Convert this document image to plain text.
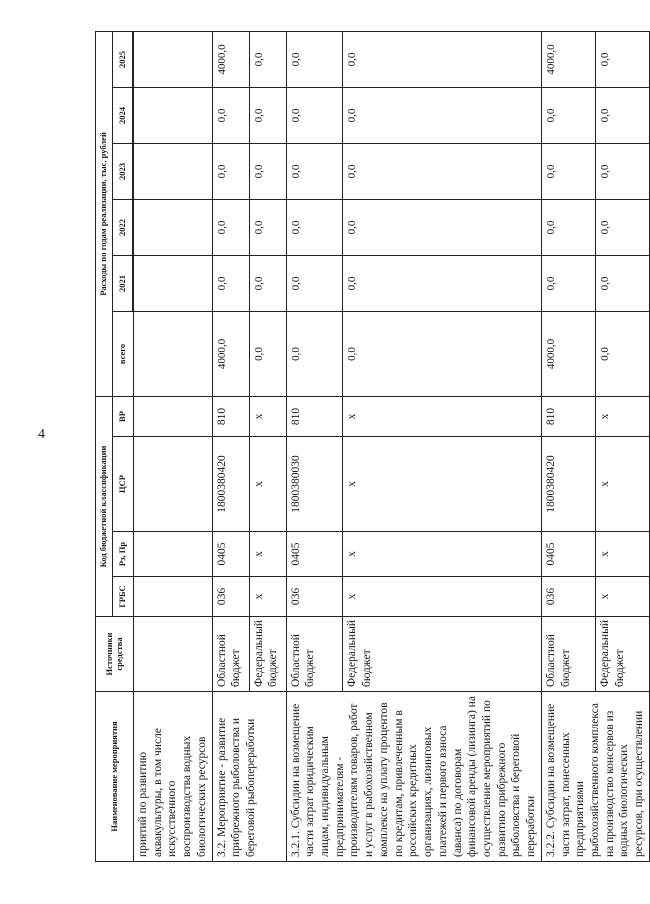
4
Наименование мероприятия	Источники средства	Код бюджетной классификации				Расходы по годам реализации, тыс. рублей					
		ГРБС	Рз, Пр	ЦСР	ВР	всего	2021	2022	2023	2024	2025

приятий по развитию аквакультуры, в том числе искусственного воспроизводства водных биологических ресурсов											
3.2. Мероприятие - развитие прибрежного рыболовства и береговой рыбопереработки	Областной бюджет	036	0405	1800380420	810	4000,0	0,0	0,0	0,0	0,0	4000,0
	Федеральный бюджет	х	х	х	х	0,0	0,0	0,0	0,0	0,0	0,0
3.2.1. Субсидии на возмещение части затрат юридическим лицам, индивидуальным предпринимателям - производителям товаров, работ и услуг в рыбохозяйственном комплексе на уплату процентов по кредитам, привлеченным в российских кредитных организациях, лизинговых платежей и первого взноса (аванса) по договорам финансовой аренды (лизинга) на осуществление мероприятий по развитию прибрежного рыболовства и береговой переработки	Областной бюджет	036	0405	1800380030	810	0,0	0,0	0,0	0,0	0,0	0,0
	Федеральный бюджет	х	х	х	х	0,0	0,0	0,0	0,0	0,0	0,0
3.2.2. Субсидии на возмещение части затрат, понесенных предприятиями рыбохозяйственного комплекса на производство консервов из водных биологических ресурсов, при осуществлении	Областной бюджет	036	0405	1800380420	810	4000,0	0,0	0,0	0,0	0,0	4000,0
	Федеральный бюджет	х	х	х	х	0,0	0,0	0,0	0,0	0,0	0,0
